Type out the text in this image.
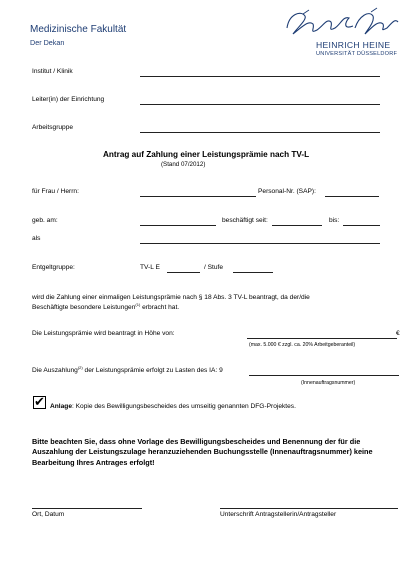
Medizinische Fakultät
Der Dekan	HEINRICH HEINE
UNIVERSITÄT DÜSSELDORF
Institut / Klinik
Leiter(in) der Einrichtung
Arbeitsgruppe
Antrag auf Zahlung einer Leistungsprämie nach TV-L
(Stand 07/2012)
für Frau / Herrn:	Personal-Nr. (SAP):
geb. am:	beschäftigt seit:	bis:
als
Entgeltgruppe:	TV-L E	/ Stufe
wird die Zahlung einer einmaligen Leistungsprämie nach § 18 Abs. 3 TV-L beantragt, da der/die
Beschäftigte besondere Leistungen$^{(1)}$ erbracht hat.
Die Leistungsprämie wird beantragt in Höhe von:	€
(max. 5.000 € zzgl. ca. 20% Arbeitgeberanteil)
Die Auszahlung$^{(2)}$ der Leistungsprämie erfolgt zu Lasten des IA: 9
(Innenauftragsnummer)
✔ Anlage: Kopie des Bewilligungsbescheides des umseitig genannten DFG-Projektes.
Bitte beachten Sie, dass ohne Vorlage des Bewilligungsbescheides und Benennung der für die Auszahlung der Leistungszulage heranzuziehenden Buchungsstelle (Innenauftragsnummer) keine Bearbeitung Ihres Antrages erfolgt!
Ort, Datum	Unterschrift Antragstellerin/Antragsteller
